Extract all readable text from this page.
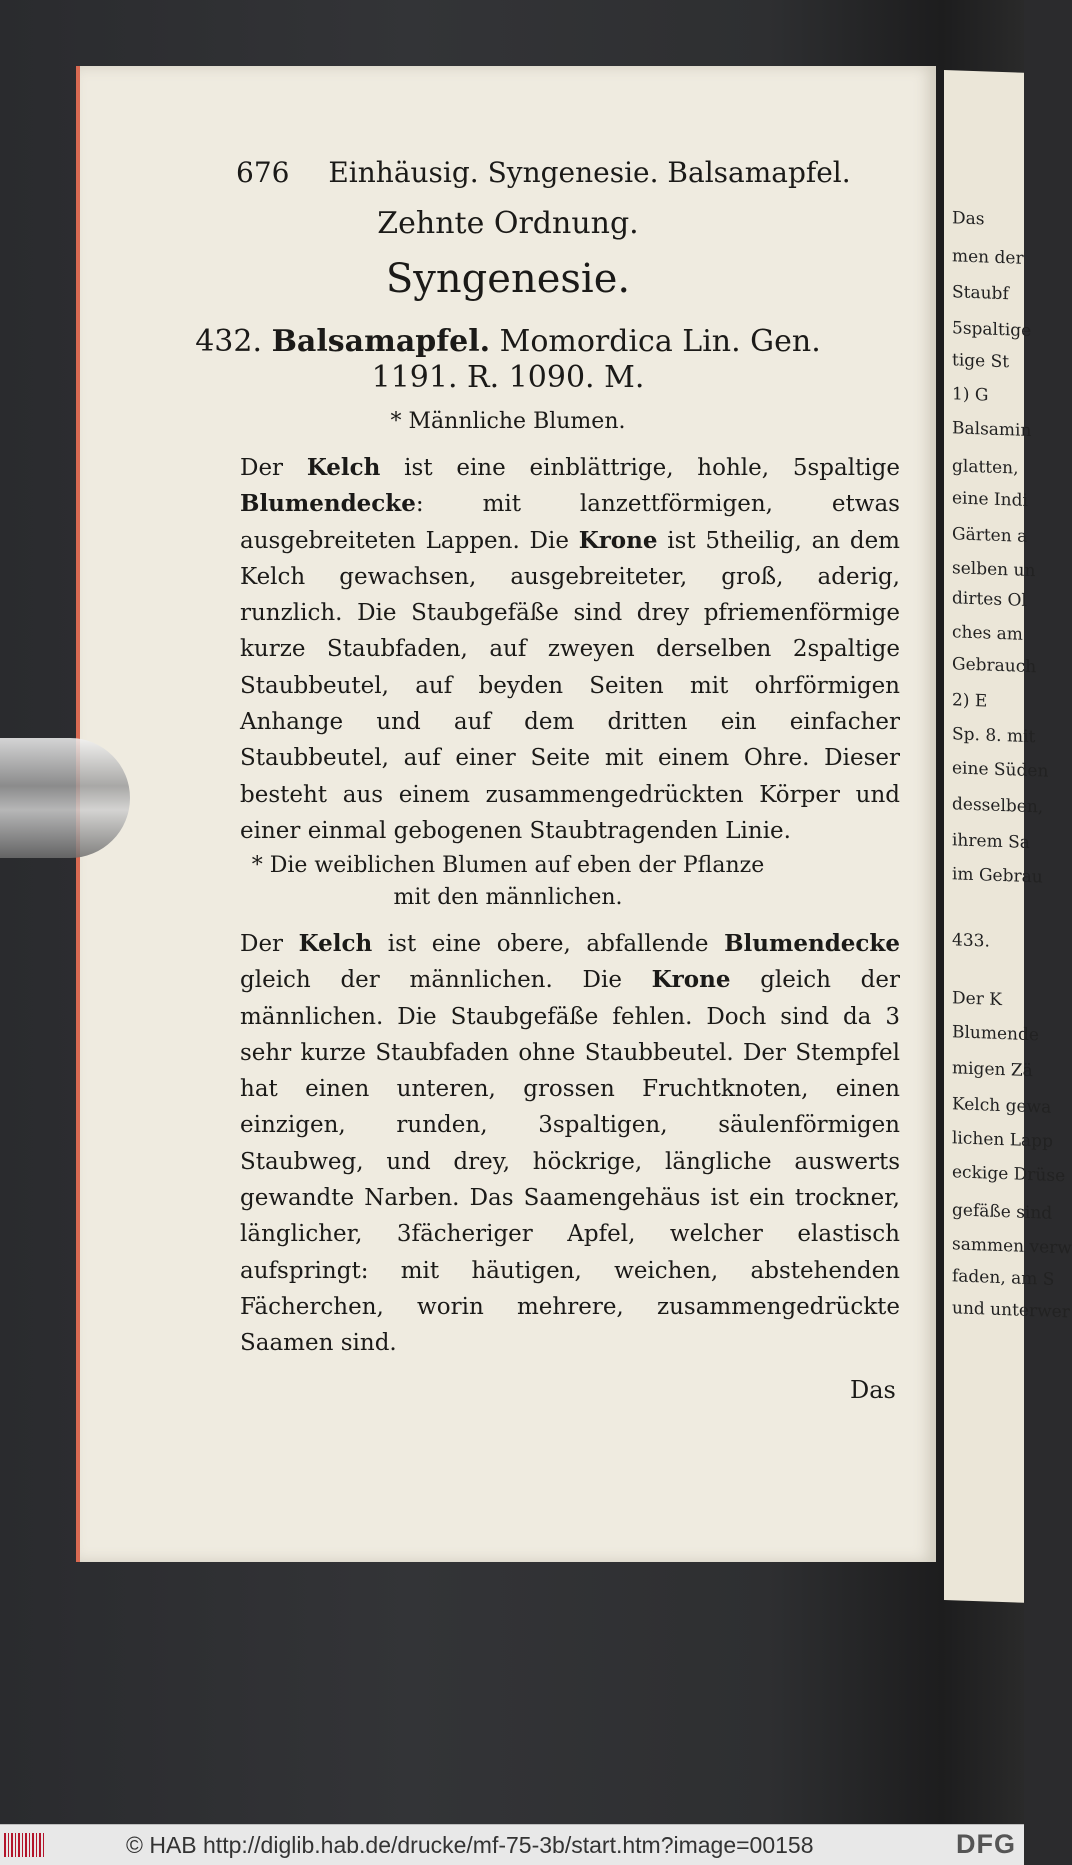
Das
men der
Staubf
5spaltige
tige St
1) G
Balsamin
glatten,
eine Indi
Gärten a
selben un
dirtes Ol
ches am
Gebrauch
2) E
Sp. 8. mit
eine Süden
desselben,
ihrem Sa
im Gebrau
433.
Der K
Blumende
migen Zä
Kelch gewa
lichen Lapp
eckige Drüse
gefäße sind
sammen verw
faden, am S
und unterwer
676 Einhäusig. Syngenesie. Balsamapfel.
Zehnte Ordnung.
Syngenesie.
432. Balsamapfel. Momordica Lin. Gen.
1191. R. 1090. M.
* Männliche Blumen.

Der Kelch ist eine einblättrige, hohle, 5spaltige Blumendecke: mit lanzettförmigen, etwas ausgebreiteten Lappen. Die Krone ist 5theilig, an dem Kelch gewachsen, ausgebreiteter, groß, aderig, runzlich. Die Staubgefäße sind drey pfriemenförmige kurze Staubfaden, auf zweyen derselben 2spaltige Staubbeutel, auf beyden Seiten mit ohrförmigen Anhange und auf dem dritten ein einfacher Staubbeutel, auf einer Seite mit einem Ohre. Dieser besteht aus einem zusammengedrückten Körper und einer einmal gebogenen Staubtragenden Linie.

* Die weiblichen Blumen auf eben der Pflanze
mit den männlichen.

Der Kelch ist eine obere, abfallende Blumendecke gleich der männlichen. Die Krone gleich der männlichen. Die Staubgefäße fehlen. Doch sind da 3 sehr kurze Staubfaden ohne Staubbeutel. Der Stempfel hat einen unteren, grossen Fruchtknoten, einen einzigen, runden, 3spaltigen, säulenförmigen Staubweg, und drey, höckrige, längliche auswerts gewandte Narben. Das Saamengehäus ist ein trockner, länglicher, 3fächeriger Apfel, welcher elastisch aufspringt: mit häutigen, weichen, abstehenden Fächerchen, worin mehrere, zusammengedrückte Saamen sind.

Das
© HAB http://diglib.hab.de/drucke/mf-75-3b/start.htm?image=00158	DFG
